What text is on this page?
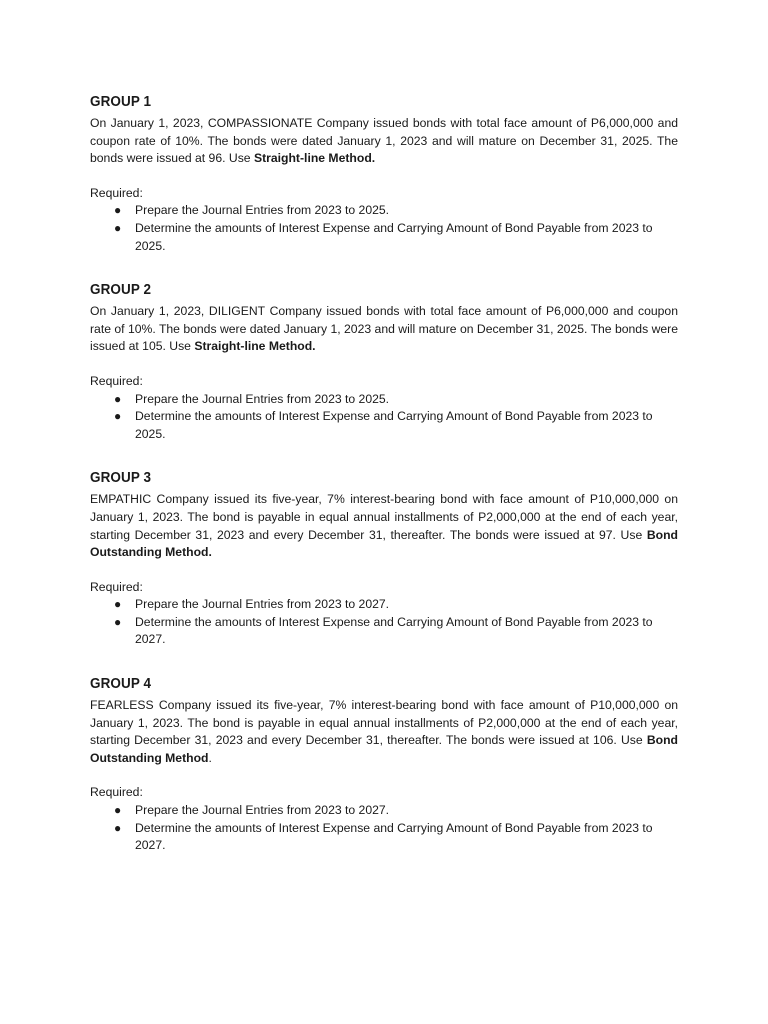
GROUP 1

On January 1, 2023, COMPASSIONATE Company issued bonds with total face amount of P6,000,000 and coupon rate of 10%. The bonds were dated January 1, 2023 and will mature on December 31, 2025. The bonds were issued at 96. Use Straight-line Method.

Required:

● Prepare the Journal Entries from 2023 to 2025.
● Determine the amounts of Interest Expense and Carrying Amount of Bond Payable from 2023 to 2025.
GROUP 2

On January 1, 2023, DILIGENT Company issued bonds with total face amount of P6,000,000 and coupon rate of 10%. The bonds were dated January 1, 2023 and will mature on December 31, 2025. The bonds were issued at 105. Use Straight-line Method.

Required:

● Prepare the Journal Entries from 2023 to 2025.
● Determine the amounts of Interest Expense and Carrying Amount of Bond Payable from 2023 to 2025.
GROUP 3

EMPATHIC Company issued its five-year, 7% interest-bearing bond with face amount of P10,000,000 on January 1, 2023. The bond is payable in equal annual installments of P2,000,000 at the end of each year, starting December 31, 2023 and every December 31, thereafter. The bonds were issued at 97. Use Bond Outstanding Method.

Required:

● Prepare the Journal Entries from 2023 to 2027.
● Determine the amounts of Interest Expense and Carrying Amount of Bond Payable from 2023 to 2027.
GROUP 4

FEARLESS Company issued its five-year, 7% interest-bearing bond with face amount of P10,000,000 on January 1, 2023. The bond is payable in equal annual installments of P2,000,000 at the end of each year, starting December 31, 2023 and every December 31, thereafter. The bonds were issued at 106. Use Bond Outstanding Method.

Required:

● Prepare the Journal Entries from 2023 to 2027.
● Determine the amounts of Interest Expense and Carrying Amount of Bond Payable from 2023 to 2027.
